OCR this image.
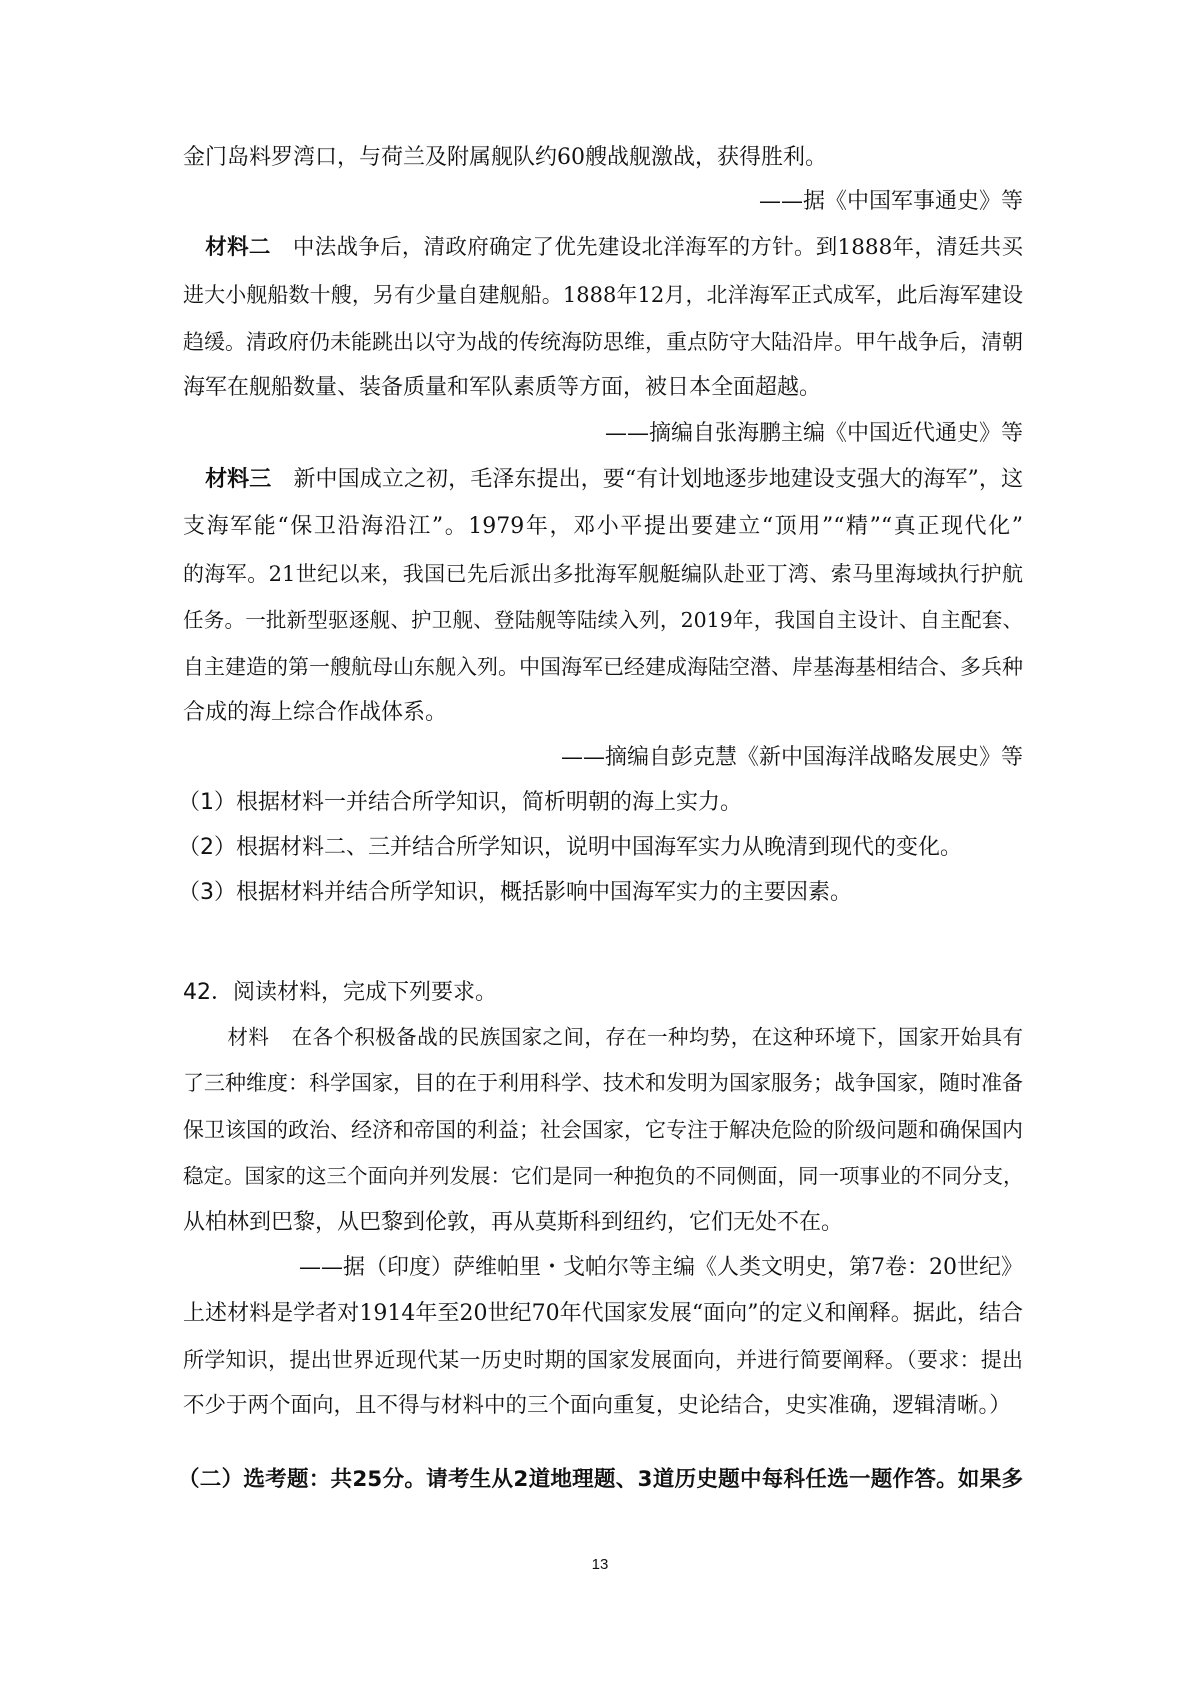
金门岛料罗湾口，与荷兰及附属舰队约60艘战舰激战，获得胜利。
——据《中国军事通史》等
材料二 中法战争后，清政府确定了优先建设北洋海军的方针。到1888年，清廷共买
进大小舰船数十艘，另有少量自建舰船。1888年12月，北洋海军正式成军，此后海军建设
趋缓。清政府仍未能跳出以守为战的传统海防思维，重点防守大陆沿岸。甲午战争后，清朝
海军在舰船数量、装备质量和军队素质等方面，被日本全面超越。
——摘编自张海鹏主编《中国近代通史》等
材料三 新中国成立之初，毛泽东提出，要“有计划地逐步地建设支强大的海军”，这
支海军能“保卫沿海沿江”。1979年，邓小平提出要建立“顶用”“精”“真正现代化”
的海军。21世纪以来，我国已先后派出多批海军舰艇编队赴亚丁湾、索马里海域执行护航
任务。一批新型驱逐舰、护卫舰、登陆舰等陆续入列，2019年，我国自主设计、自主配套、
自主建造的第一艘航母山东舰入列。中国海军已经建成海陆空潜、岸基海基相结合、多兵种
合成的海上综合作战体系。
——摘编自彭克慧《新中国海洋战略发展史》等
（1）根据材料一并结合所学知识，简析明朝的海上实力。
（2）根据材料二、三并结合所学知识，说明中国海军实力从晚清到现代的变化。
（3）根据材料并结合所学知识，概括影响中国海军实力的主要因素。
42．阅读材料，完成下列要求。
材料 在各个积极备战的民族国家之间，存在一种均势，在这种环境下，国家开始具有
了三种维度：科学国家，目的在于利用科学、技术和发明为国家服务；战争国家，随时准备
保卫该国的政治、经济和帝国的利益；社会国家，它专注于解决危险的阶级问题和确保国内
稳定。国家的这三个面向并列发展：它们是同一种抱负的不同侧面，同一项事业的不同分支，
从柏林到巴黎，从巴黎到伦敦，再从莫斯科到纽约，它们无处不在。
——据（印度）萨维帕里・戈帕尔等主编《人类文明史，第7卷：20世纪》
上述材料是学者对1914年至20世纪70年代国家发展“面向”的定义和阐释。据此，结合
所学知识，提出世界近现代某一历史时期的国家发展面向，并进行简要阐释。（要求：提出
不少于两个面向，且不得与材料中的三个面向重复，史论结合，史实准确，逻辑清晰。）
（二）选考题：共25分。请考生从2道地理题、3道历史题中每科任选一题作答。如果多
13
